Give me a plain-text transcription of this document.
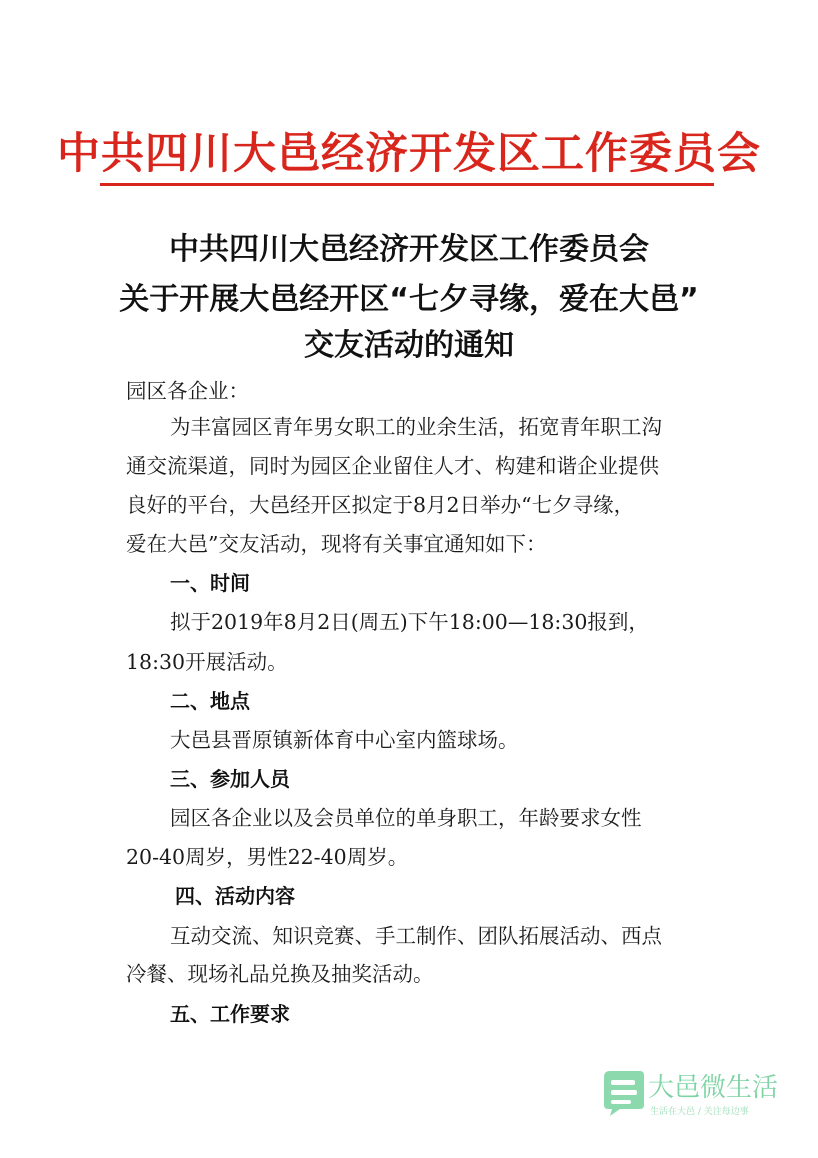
中共四川大邑经济开发区工作委员会
中共四川大邑经济开发区工作委员会
关于开展大邑经开区“七夕寻缘，爱在大邑”
交友活动的通知
园区各企业：
为丰富园区青年男女职工的业余生活，拓宽青年职工沟
通交流渠道，同时为园区企业留住人才、构建和谐企业提供
良好的平台，大邑经开区拟定于8月2日举办“七夕寻缘，
爱在大邑”交友活动，现将有关事宜通知如下：
一、时间
拟于2019年8月2日(周五)下午18:00—18:30报到，
18:30开展活动。
二、地点
大邑县晋原镇新体育中心室内篮球场。
三、参加人员
园区各企业以及会员单位的单身职工，年龄要求女性
20-40周岁，男性22-40周岁。
四、活动内容
互动交流、知识竞赛、手工制作、团队拓展活动、西点
冷餐、现场礼品兑换及抽奖活动。
五、工作要求
大邑微生活
生活在大邑 / 关注每边事
